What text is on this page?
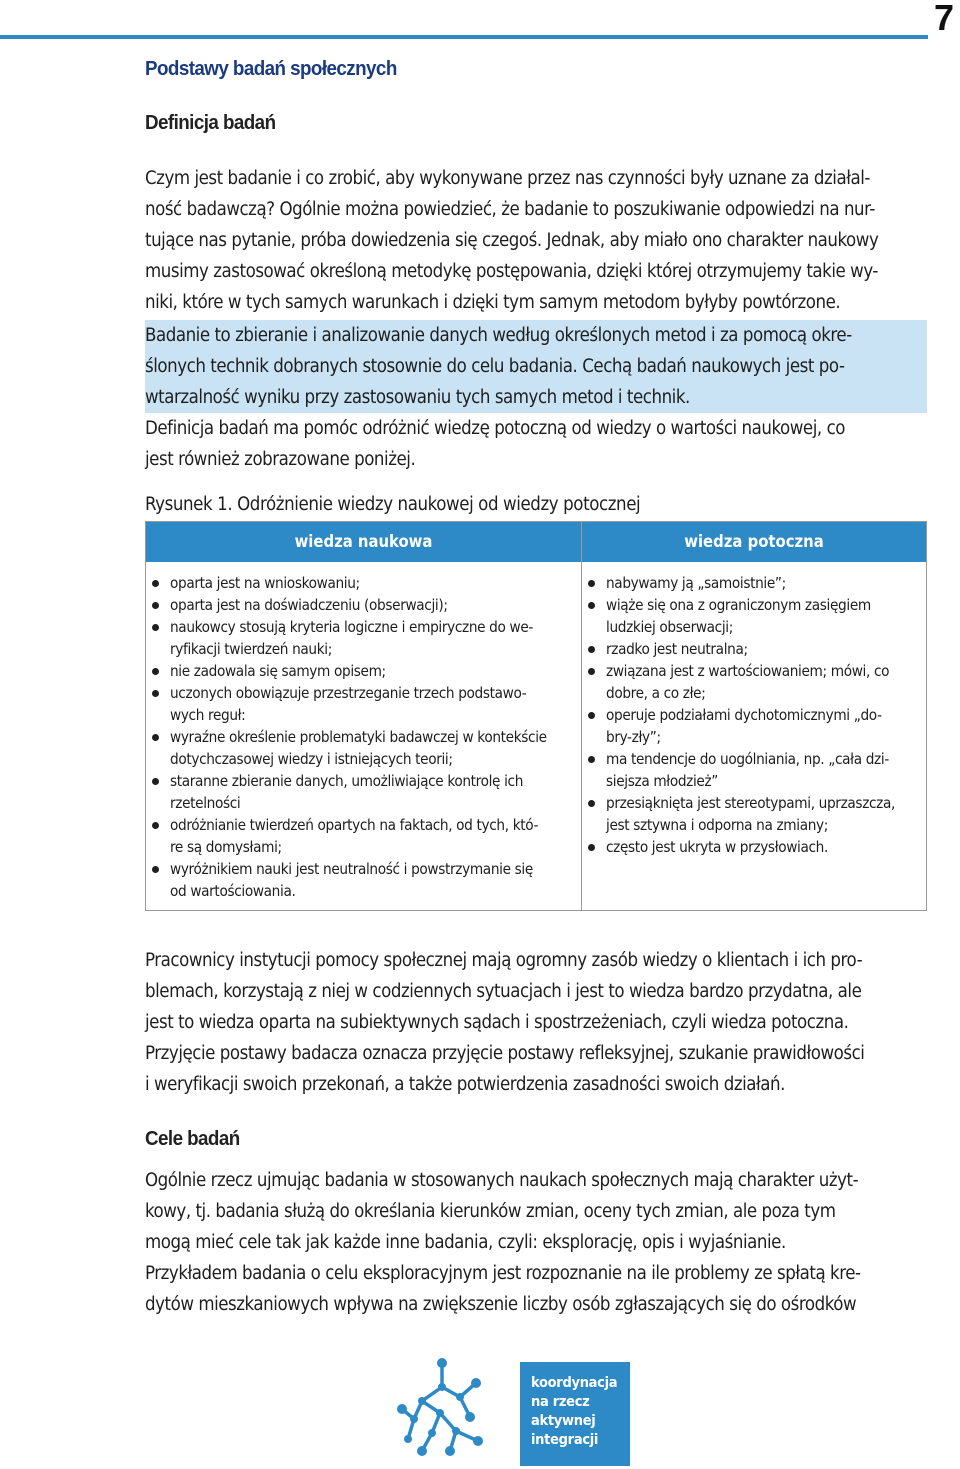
7
Podstawy badań społecznych
Definicja badań
Czym jest badanie i co zrobić, aby wykonywane przez nas czynności były uznane za działal-
ność badawczą? Ogólnie można powiedzieć, że badanie to poszukiwanie odpowiedzi na nur-
tujące nas pytanie, próba dowiedzenia się czegoś. Jednak, aby miało ono charakter naukowy
musimy zastosować określoną metodykę postępowania, dzięki której otrzymujemy takie wy-
niki, które w tych samych warunkach i dzięki tym samym metodom byłyby powtórzone.
Badanie to zbieranie i analizowanie danych według określonych metod i za pomocą okre-
ślonych technik dobranych stosownie do celu badania. Cechą badań naukowych jest po-
wtarzalność wyniku przy zastosowaniu tych samych metod i technik.
Definicja badań ma pomóc odróżnić wiedzę potoczną od wiedzy o wartości naukowej, co
jest również zobrazowane poniżej.
Rysunek 1. Odróżnienie wiedzy naukowej od wiedzy potocznej
wiedza naukowa	wiedza potoczna
oparta jest na wnioskowaniu;
oparta jest na doświadczeniu (obserwacji);
naukowcy stosują kryteria logiczne i empiryczne do we-
ryfikacji twierdzeń nauki;
nie zadowala się samym opisem;
uczonych obowiązuje przestrzeganie trzech podstawo-
wych reguł:
wyraźne określenie problematyki badawczej w kontekście
dotychczasowej wiedzy i istniejących teorii;
staranne zbieranie danych, umożliwiające kontrolę ich
rzetelności
odróżnianie twierdzeń opartych na faktach, od tych, któ-
re są domysłami;
wyróżnikiem nauki jest neutralność i powstrzymanie się
od wartościowania.
nabywamy ją „samoistnie”;
wiąże się ona z ograniczonym zasięgiem
ludzkiej obserwacji;
rzadko jest neutralna;
związana jest z wartościowaniem; mówi, co
dobre, a co złe;
operuje podziałami dychotomicznymi „do-
bry-zły”;
ma tendencje do uogólniania, np. „cała dzi-
siejsza młodzież”
przesiąknięta jest stereotypami, uprzaszcza,
jest sztywna i odporna na zmiany;
często jest ukryta w przysłowiach.
Pracownicy instytucji pomocy społecznej mają ogromny zasób wiedzy o klientach i ich pro-
blemach, korzystają z niej w codziennych sytuacjach i jest to wiedza bardzo przydatna, ale
jest to wiedza oparta na subiektywnych sądach i spostrzeżeniach, czyli wiedza potoczna.
Przyjęcie postawy badacza oznacza przyjęcie postawy refleksyjnej, szukanie prawidłowości
i weryfikacji swoich przekonań, a także potwierdzenia zasadności swoich działań.
Cele badań
Ogólnie rzecz ujmując badania w stosowanych naukach społecznych mają charakter użyt-
kowy, tj. badania służą do określania kierunków zmian, oceny tych zmian, ale poza tym
mogą mieć cele tak jak każde inne badania, czyli: eksplorację, opis i wyjaśnianie.
Przykładem badania o celu eksploracyjnym jest rozpoznanie na ile problemy ze spłatą kre-
dytów mieszkaniowych wpływa na zwiększenie liczby osób zgłaszających się do ośrodków
koordynacja
na rzecz
aktywnej
integracji
